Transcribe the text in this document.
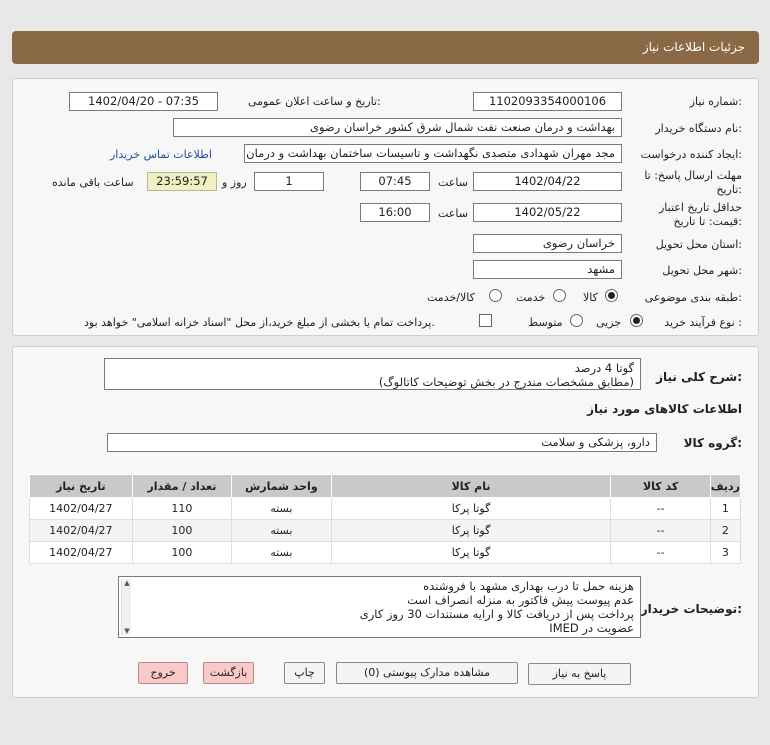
جزئیات اطلاعات نیاز
شماره نیاز:
1102093354000106
تاریخ و ساعت اعلان عمومی:
1402/04/20 - 07:35
نام دستگاه خریدار:
بهداشت و درمان صنعت نفت شمال شرق کشور خراسان رضوی
ایجاد کننده درخواست:
مجد مهران شهدادی متصدی نگهداشت و تاسیسات ساختمان بهداشت و درمان
اطلاعات تماس خریدار
مهلت ارسال پاسخ: تا
تاریخ:
1402/04/22
ساعت
07:45
1
روز و
23:59:57
ساعت باقی مانده
حداقل تاریخ اعتبار
قیمت: تا تاریخ:
1402/05/22
ساعت
16:00
استان محل تحویل:
خراسان رضوی
شهر محل تحویل:
مشهد
طبقه بندی موضوعی:
کالا
خدمت
کالا/خدمت
نوع فرآیند خرید :
جزیی
متوسط
پرداخت تمام یا بخشی از مبلغ خرید،از محل "اسناد خزانه اسلامی" خواهد بود.
شرح کلی نیاز:
گوتا 4 درصد
(مطابق مشخصات مندرج در بخش توضیحات کاتالوگ)
اطلاعات کالاهای مورد نیاز
گروه کالا:
دارو، پزشکی و سلامت
ردیف	کد کالا	نام کالا	واحد شمارش	تعداد / مقدار	تاریخ نیاز
1	--	گوتا پرکا	بسته	110	1402/04/27
2	--	گوتا پرکا	بسته	100	1402/04/27
3	--	گوتا پرکا	بسته	100	1402/04/27
توضیحات خریدار:
هزینه حمل تا درب بهداری مشهد با فروشنده
عدم پیوست پیش فاکتور به منزله انصراف است
پرداخت پس از دریافت کالا و ارایه مستندات 30 روز کاری
عضویت در IMED
▲
▼
پاسخ به نیاز
مشاهده مدارک پیوستی (0)
چاپ
بازگشت
خروج
